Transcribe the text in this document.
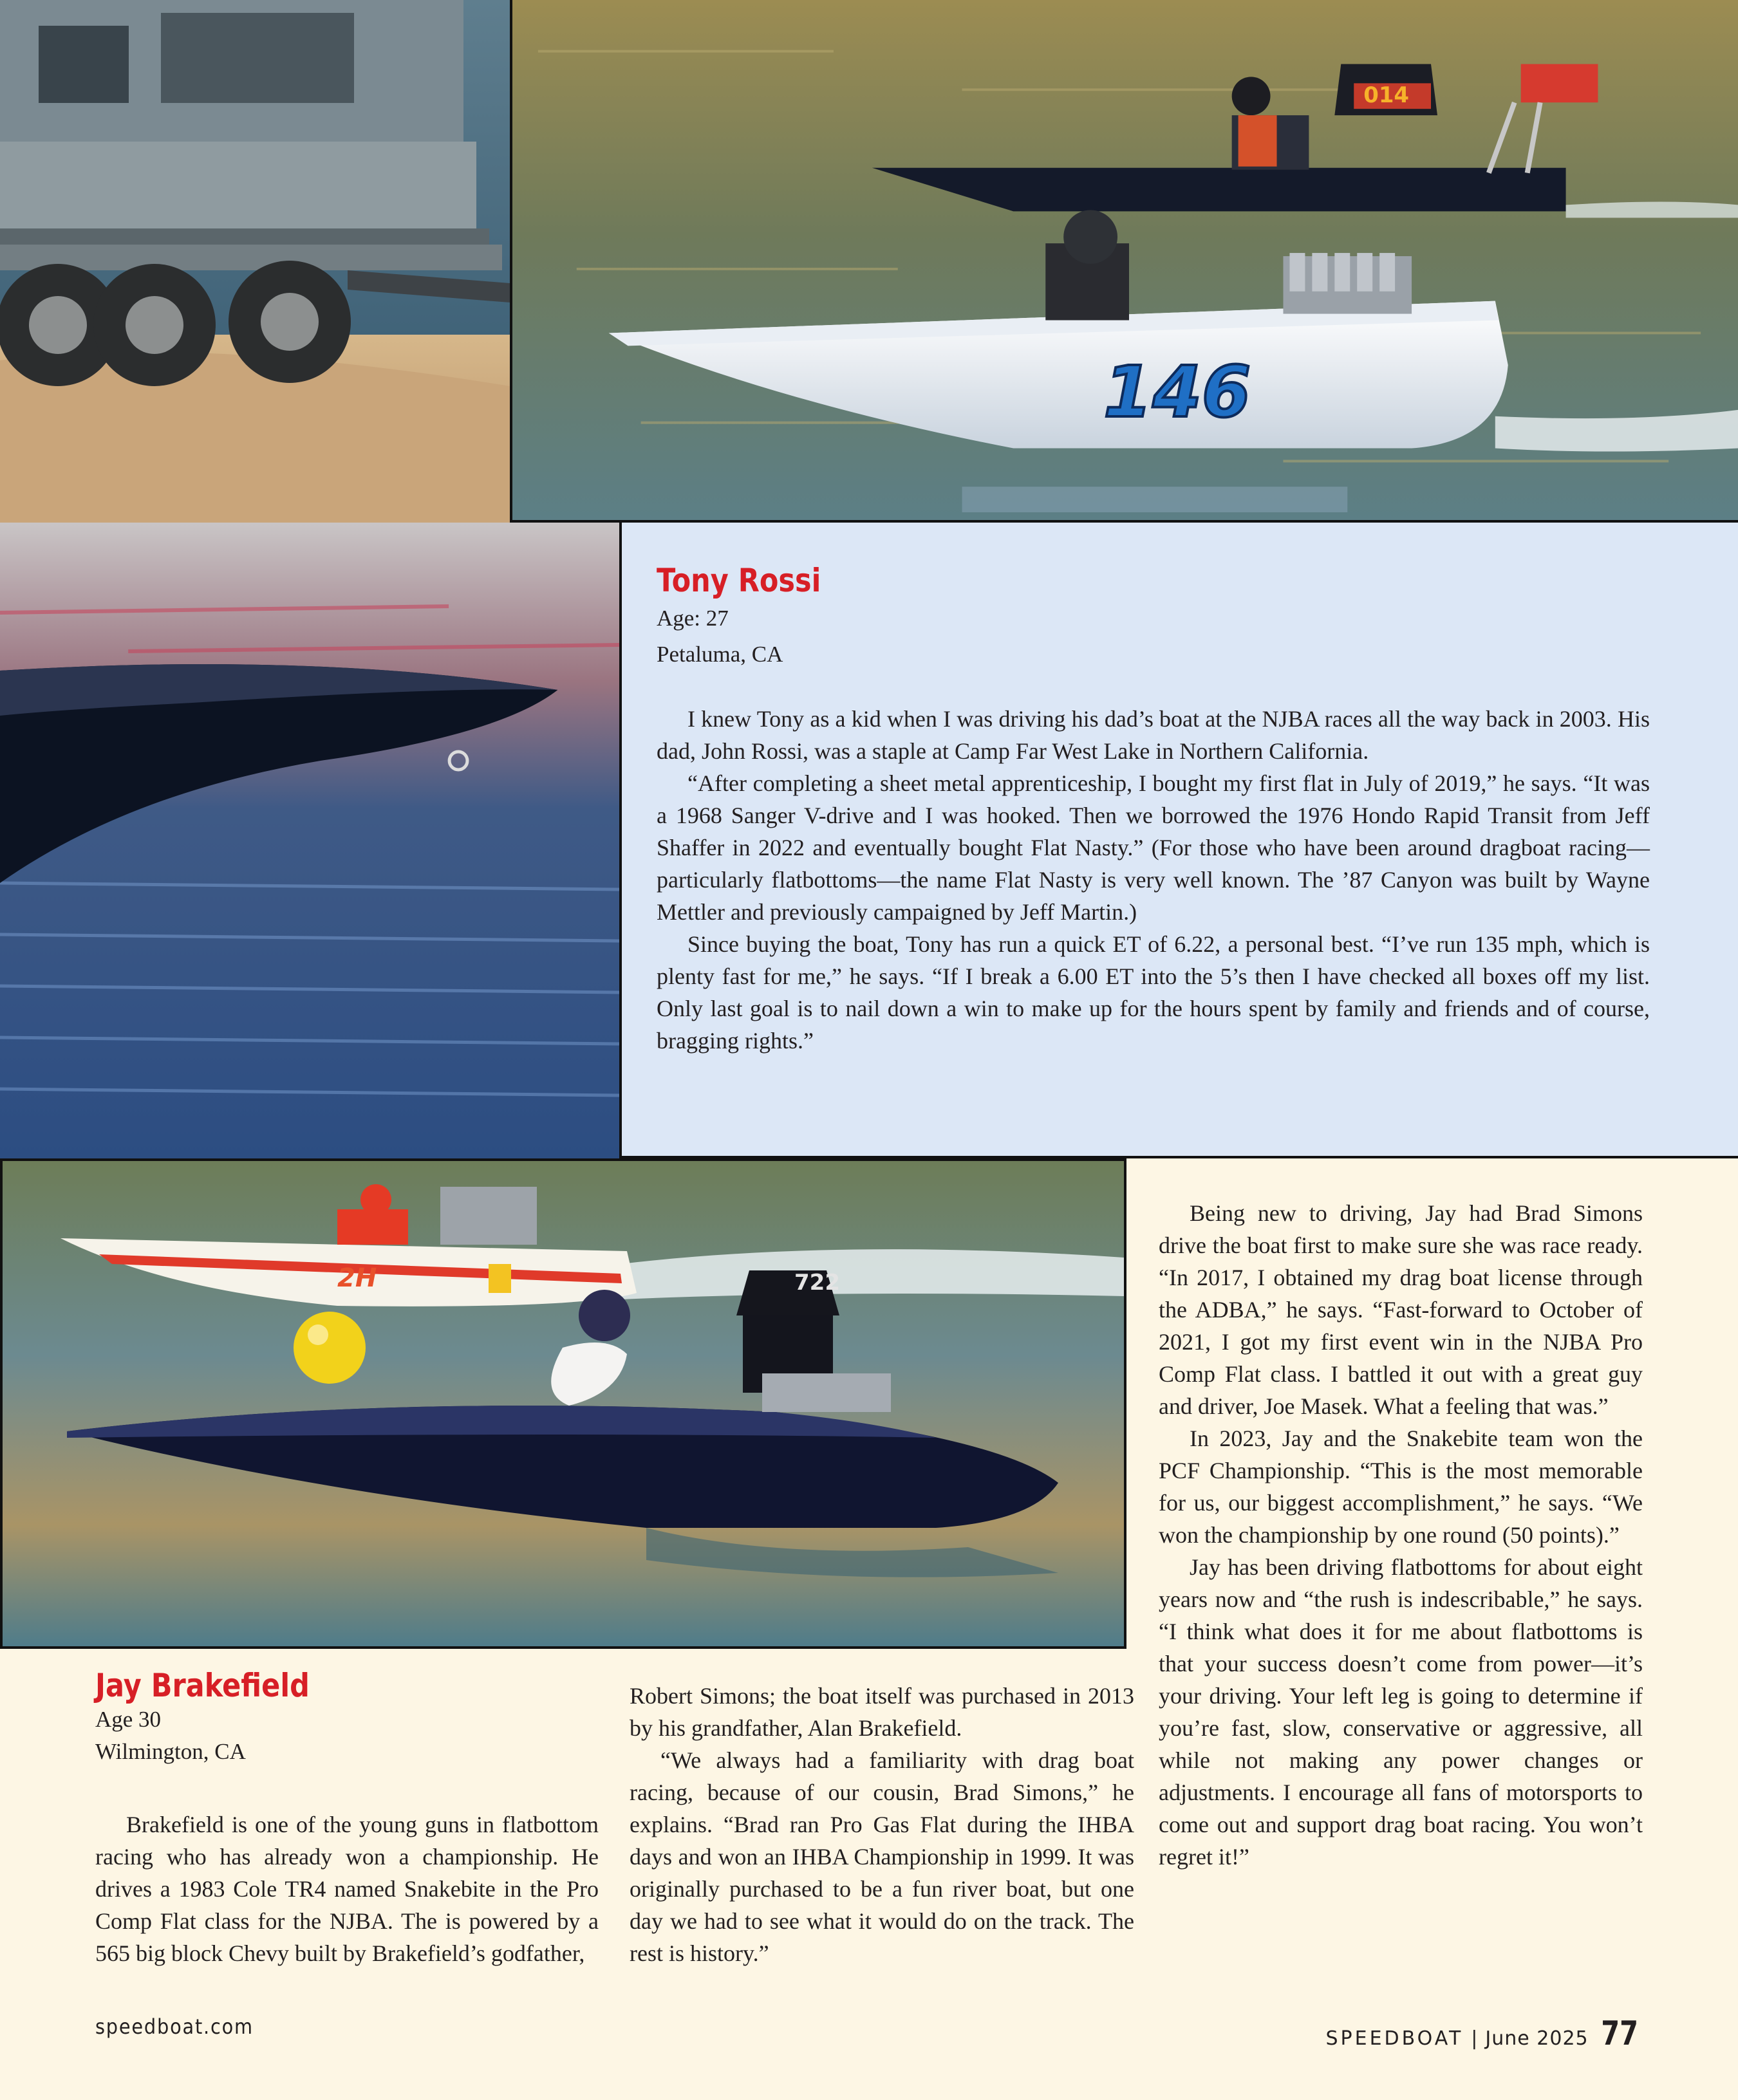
014
146
Tony Rossi

Age: 27

Petaluma, CA

I knew Tony as a kid when I was driving his dad’s boat at the NJBA races all the way back in 2003. His dad, John Rossi, was a staple at Camp Far West Lake in Northern California.

“After completing a sheet metal apprenticeship, I bought my first flat in July of 2019,” he says. “It was a 1968 Sanger V-drive and I was hooked. Then we borrowed the 1976 Hondo Rapid Transit from Jeff Shaffer in 2022 and eventually bought Flat Nasty.” (For those who have been around dragboat racing—particularly flatbottoms—the name Flat Nasty is very well known. The ’87 Canyon was built by Wayne Mettler and previously campaigned by Jeff Martin.)

Since buying the boat, Tony has run a quick ET of 6.22, a personal best. “I’ve run 135 mph, which is plenty fast for me,” he says. “If I break a 6.00 ET into the 5’s then I have checked all boxes off my list. Only last goal is to nail down a win to make up for the hours spent by family and friends and of course, bragging rights.”

2H	722
Jay Brakefield

Age 30

Wilmington, CA

Brakefield is one of the young guns in flatbottom racing who has already won a championship. He drives a 1983 Cole TR4 named Snakebite in the Pro Comp Flat class for the NJBA. The is powered by a 565 big block Chevy built by Brakefield’s godfather,

Robert Simons; the boat itself was purchased in 2013 by his grandfather, Alan Brakefield.

“We always had a familiarity with drag boat racing, because of our cousin, Brad Simons,” he explains. “Brad ran Pro Gas Flat during the IHBA days and won an IHBA Championship in 1999. It was originally purchased to be a fun river boat, but one day we had to see what it would do on the track. The rest is history.”

Being new to driving, Jay had Brad Simons drive the boat first to make sure she was race ready. “In 2017, I obtained my drag boat license through the ADBA,” he says. “Fast-forward to October of 2021, I got my first event win in the NJBA Pro Comp Flat class. I battled it out with a great guy and driver, Joe Masek. What a feeling that was.”

In 2023, Jay and the Snakebite team won the PCF Championship. “This is the most memorable for us, our biggest accomplishment,” he says. “We won the championship by one round (50 points).”

Jay has been driving flatbottoms for about eight years now and “the rush is indescribable,” he says. “I think what does it for me about flatbottoms is that your success doesn’t come from power—it’s your driving. Your left leg is going to determine if you’re fast, slow, conservative or aggressive, all while not making any power changes or adjustments. I encourage all fans of motorsports to come out and support drag boat racing. You won’t regret it!”

speedboat.com	SPEEDBOAT | June 2025 77
